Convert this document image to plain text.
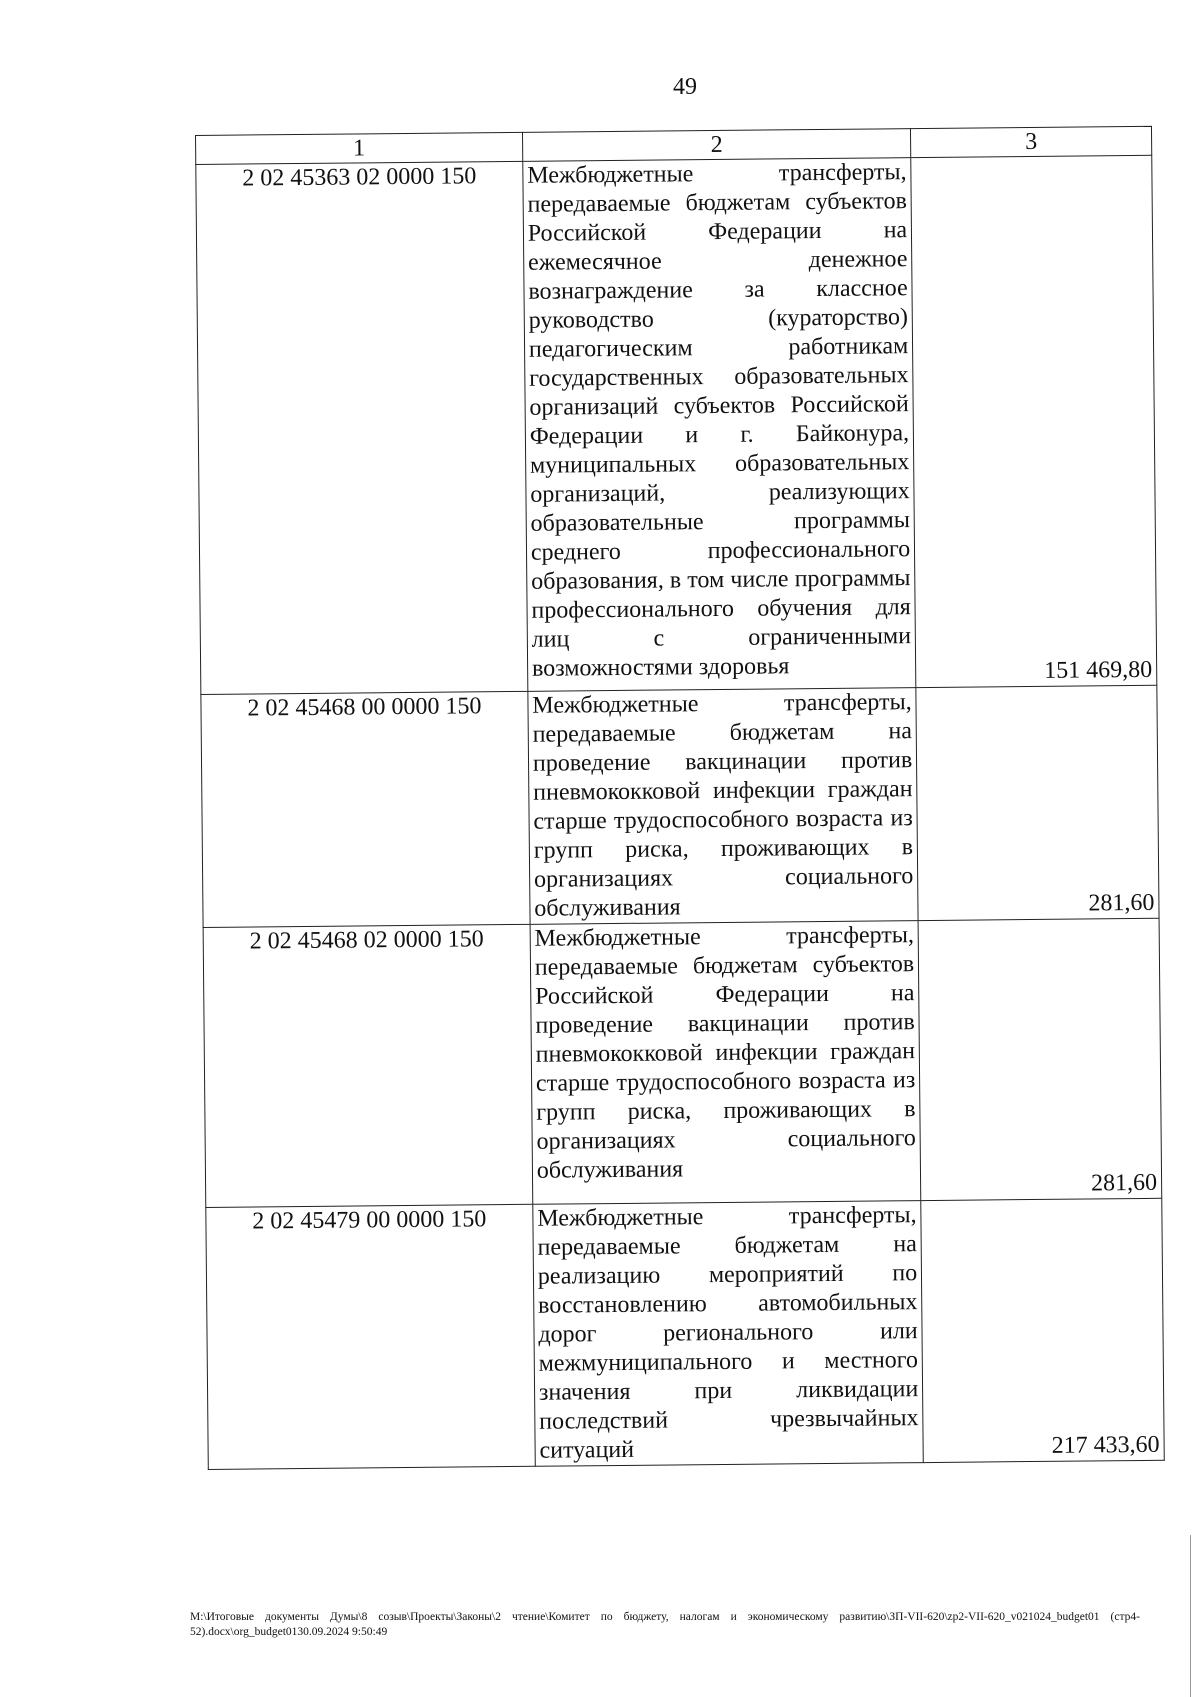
49
1	2	3
2 02 45363 02 0000 150	Межбюджетные трансферты, передаваемые бюджетам субъектов Российской Федерации на ежемесячное денежное вознаграждение за классное руководство (кураторство) педагогическим работникам государственных образовательных организаций субъектов Российской Федерации и г. Байконура, муниципальных образовательных организаций, реализующих образовательные программы среднего профессионального образования, в том числе программы профессионального обучения для лиц с ограниченными возможностями здоровья	151 469,80
2 02 45468 00 0000 150	Межбюджетные трансферты, передаваемые бюджетам на проведение вакцинации против пневмококковой инфекции граждан старше трудоспособного возраста из групп риска, проживающих в организациях социального обслуживания	281,60
2 02 45468 02 0000 150	Межбюджетные трансферты, передаваемые бюджетам субъектов Российской Федерации на проведение вакцинации против пневмококковой инфекции граждан старше трудоспособного возраста из групп риска, проживающих в организациях социального обслуживания	281,60
2 02 45479 00 0000 150	Межбюджетные трансферты, передаваемые бюджетам на реализацию мероприятий по восстановлению автомобильных дорог регионального или межмуниципального и местного значения при ликвидации последствий чрезвычайных ситуаций	217 433,60
M:\Итоговые документы Думы\8 созыв\Проекты\Законы\2 чтение\Комитет по бюджету, налогам и экономическому развитию\ЗП-VII-620\zp2-VII-620_v021024_budget01 (стр4-52).docx\org_budget0130.09.2024 9:50:49
